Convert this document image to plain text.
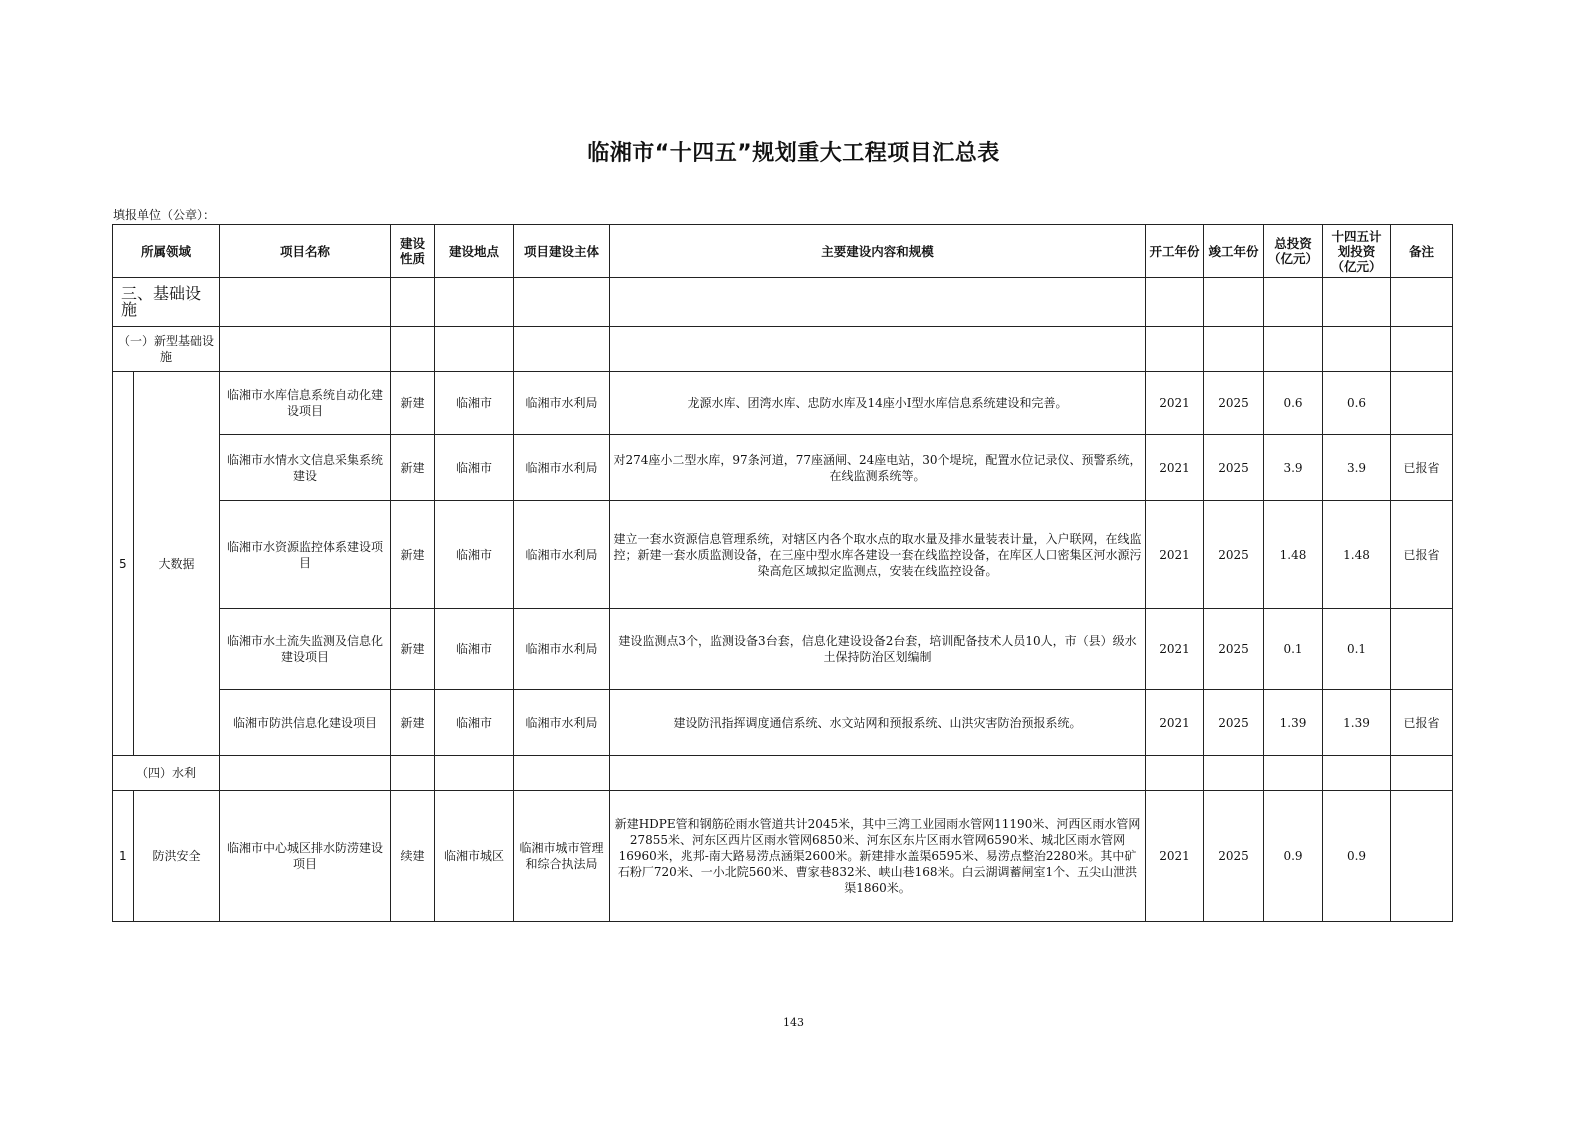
临湘市“十四五”规划重大工程项目汇总表
填报单位（公章）：
所属领域		项目名称	建设性质	建设地点	项目建设主体	主要建设内容和规模	开工年份	竣工年份	总投资（亿元）	十四五计划投资（亿元）	备注
三、基础设施											
（一）新型基础设施											
5	大数据	临湘市水库信息系统自动化建设项目	新建	临湘市	临湘市水利局	龙源水库、团湾水库、忠防水库及14座小Ⅰ型水库信息系统建设和完善。	2021	2025	0.6	0.6	
		临湘市水情水文信息采集系统建设	新建	临湘市	临湘市水利局	对274座小二型水库，97条河道，77座涵闸、24座电站，30个堤垸，配置水位记录仪、预警系统，在线监测系统等。	2021	2025	3.9	3.9	已报省
		临湘市水资源监控体系建设项目	新建	临湘市	临湘市水利局	建立一套水资源信息管理系统，对辖区内各个取水点的取水量及排水量装表计量，入户联网，在线监控；新建一套水质监测设备，在三座中型水库各建设一套在线监控设备，在库区人口密集区河水源污染高危区域拟定监测点，安装在线监控设备。	2021	2025	1.48	1.48	已报省
		临湘市水土流失监测及信息化建设项目	新建	临湘市	临湘市水利局	建设监测点3个，监测设备3台套，信息化建设设备2台套，培训配备技术人员10人，市（县）级水土保持防治区划编制	2021	2025	0.1	0.1	
		临湘市防洪信息化建设项目	新建	临湘市	临湘市水利局	建设防汛指挥调度通信系统、水文站网和预报系统、山洪灾害防治预报系统。	2021	2025	1.39	1.39	已报省
（四）水利											
1	防洪安全	临湘市中心城区排水防涝建设项目	续建	临湘市城区	临湘市城市管理和综合执法局	新建HDPE管和钢筋砼雨水管道共计2045米，其中三湾工业园雨水管网11190米、河西区雨水管网27855米、河东区西片区雨水管网6850米、河东区东片区雨水管网6590米、城北区雨水管网16960米，兆邦-南大路易涝点涵渠2600米。新建排水盖渠6595米、易涝点整治2280米。其中矿石粉厂720米、一小北院560米、曹家巷832米、峡山巷168米。白云湖调蓄闸室1个、五尖山泄洪渠1860米。	2021	2025	0.9	0.9	
143
